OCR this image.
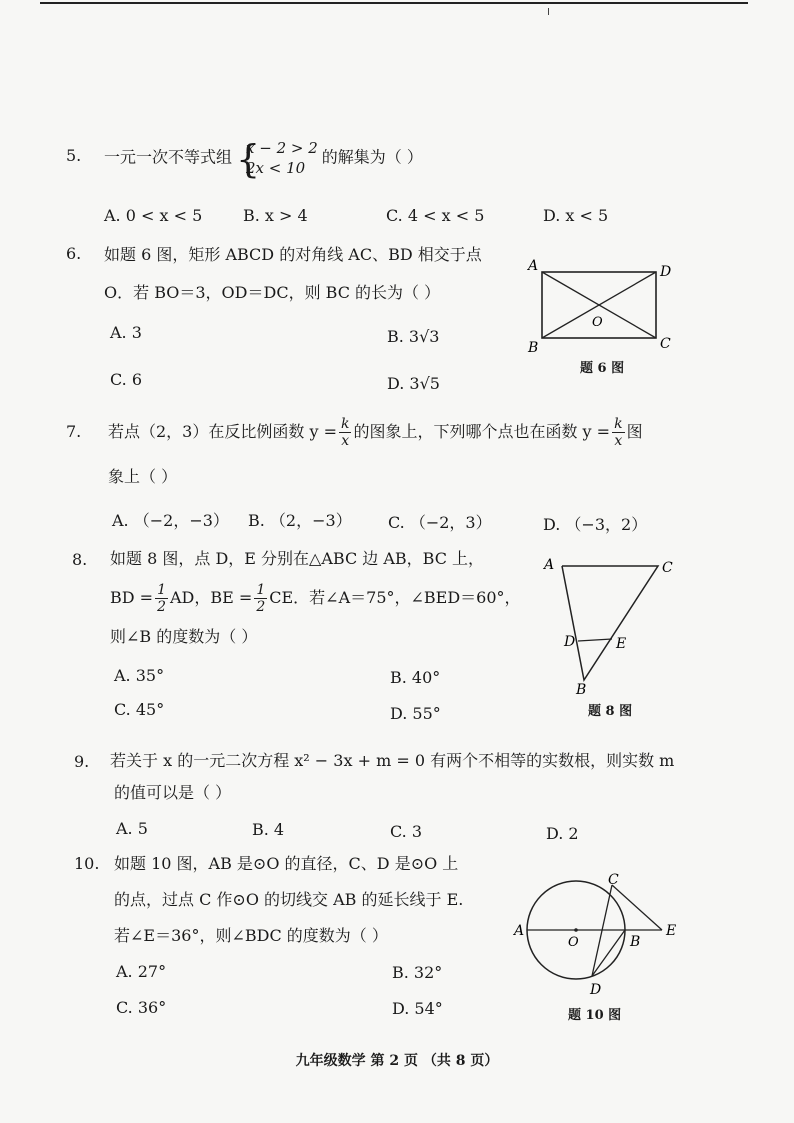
5. 一元一次不等式组 {
x − 2 > 2
2x < 10
的解集为（ ）
A. 0 < x < 5	B. x > 4	C. 4 < x < 5	D. x < 5
6. 如题 6 图，矩形 ABCD 的对角线 AC、BD 相交于点
O．若 BO＝3，OD＝DC，则 BC 的长为（ ）
A. 3	B. 3√3
C. 6	D. 3√5
A	D
B	C
O
题 6 图
7. 若点（2，3）在反比例函数 $y = \frac{k}{x}$ 的图象上，下列哪个点也在函数 $y = \frac{k}{x}$ 图
象上（ ）
A. （−2，−3） B. （2，−3） C. （−2，3）	D. （−3，2）
8. 如题 8 图，点 D，E 分别在△ABC 边 AB，BC 上，
BD = $\frac{1}{2}$ AD，BE = $\frac{1}{2}$ CE．若∠A＝75°，∠BED＝60°，
则∠B 的度数为（ ）
A. 35°	B. 40°
C. 45°	D. 55°
A	C
D	E
B
题 8 图
9. 若关于 x 的一元二次方程 x² − 3x + m = 0 有两个不相等的实数根，则实数 m
的值可以是（ ）
A. 5	B. 4	C. 3	D. 2
10. 如题 10 图，AB 是⊙O 的直径，C、D 是⊙O 上
的点，过点 C 作⊙O 的切线交 AB 的延长线于 E.
若∠E＝36°，则∠BDC 的度数为（ ）
A. 27°	B. 32°
C. 36°	D. 54°
C
A
O	B
E
D
题 10 图
九年级数学 第 2 页 （共 8 页）
